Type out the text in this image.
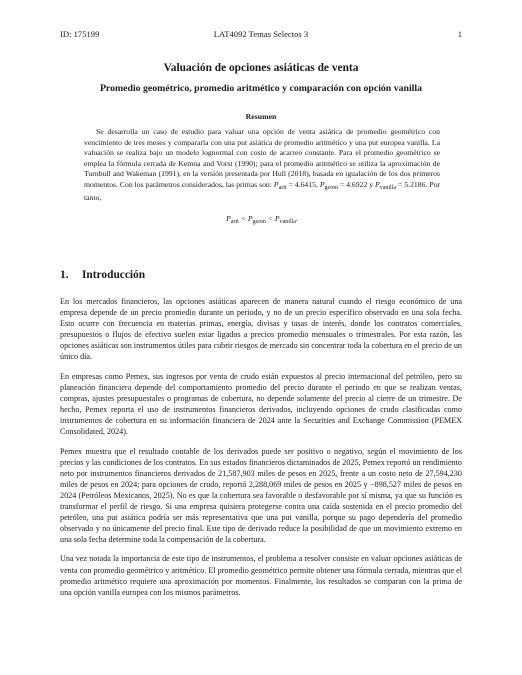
ID: 175199	LAT4092 Temas Selectos 3	1
Valuación de opciones asiáticas de venta
Promedio geométrico, promedio aritmético y comparación con opción vanilla
Resumen

Se desarrolla un caso de estudio para valuar una opción de venta asiática de promedio geométrico con vencimiento de tres meses y compararla con una put asiática de promedio aritmético y una put europea vanilla. La valuación se realiza bajo un modelo lognormal con costo de acarreo constante. Para el promedio geométrico se emplea la fórmula cerrada de Kemna and Vorst (1990); para el promedio aritmético se utiliza la aproximación de Turnbull and Wakeman (1991), en la versión presentada por Hull (2018), basada en igualación de los dos primeros momentos. Con los parámetros considerados, las primas son: $P_{arit} = 4.6415$, $P_{geom} = 4.6922$ y $P_{vanilla} = 5.2186$. Por tanto,

$P_{arit} < P_{geom} < P_{vanilla}$.

1. Introducción

En los mercados financieros, las opciones asiáticas aparecen de manera natural cuando el riesgo económico de una empresa depende de un precio promedio durante un periodo, y no de un precio específico observado en una sola fecha. Esto ocurre con frecuencia en materias primas, energía, divisas y tasas de interés, donde los contratos comerciales, presupuestos o flujos de efectivo suelen estar ligados a precios promedio mensuales o trimestrales. Por esta razón, las opciones asiáticas son instrumentos útiles para cubrir riesgos de mercado sin concentrar toda la cobertura en el precio de un único día.

En empresas como Pemex, sus ingresos por venta de crudo están expuestos al precio internacional del petróleo, pero su planeación financiera depende del comportamiento promedio del precio durante el periodo en que se realizan ventas, compras, ajustes presupuestales o programas de cobertura, no depende solamente del precio al cierre de un trimestre. De hecho, Pemex reporta el uso de instrumentos financieros derivados, incluyendo opciones de crudo clasificadas como instrumentos de cobertura en su información financiera de 2024 ante la Securities and Exchange Commission (PEMEX Consolidated, 2024).

Pemex muestra que el resultado contable de los derivados puede ser positivo o negativo, según el movimiento de los precios y las condiciones de los contratos. En sus estados financieros dictaminados de 2025, Pemex reportó un rendimiento neto por instrumentos financieros derivados de 21,587,903 miles de pesos en 2025, frente a un costo neto de 27,594,230 miles de pesos en 2024; para opciones de crudo, reportó 2,288,069 miles de pesos en 2025 y −898,527 miles de pesos en 2024 (Petróleos Mexicanos, 2025). No es que la cobertura sea favorable o desfavorable por sí misma, ya que su función es transformar el perfil de riesgo. Si una empresa quisiera protegerse contra una caída sostenida en el precio promedio del petróleo, una put asiática podría ser más representativa que una put vanilla, porque su pago dependería del promedio observado y no únicamente del precio final. Este tipo de derivado reduce la posibilidad de que un movimiento extremo en una sola fecha determine toda la compensación de la cobertura.

Una vez notada la importancia de este tipo de instrumentos, el problema a resolver consiste en valuar opciones asiáticas de venta con promedio geométrico y aritmético. El promedio geométrico permite obtener una fórmula cerrada, mientras que el promedio aritmético requiere una aproximación por momentos. Finalmente, los resultados se comparan con la prima de una opción vanilla europea con los mismos parámetros.
